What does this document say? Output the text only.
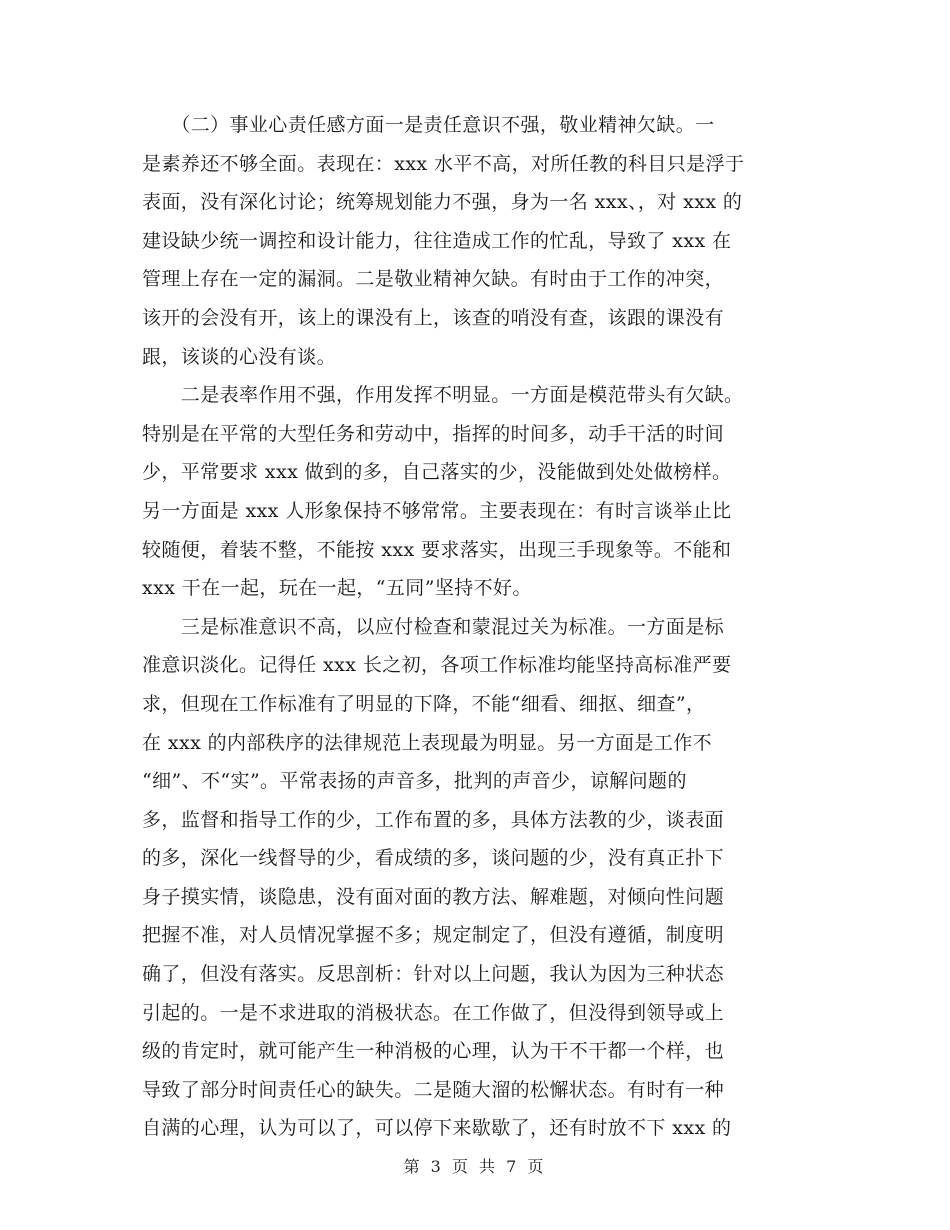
　　（二）事业心责任感方面一是责任意识不强，敬业精神欠缺。一
是素养还不够全面。表现在：xxx 水平不高，对所任教的科目只是浮于
表面，没有深化讨论；统筹规划能力不强，身为一名 xxx、，对 xxx 的
建设缺少统一调控和设计能力，往往造成工作的忙乱，导致了 xxx 在
管理上存在一定的漏洞。二是敬业精神欠缺。有时由于工作的冲突，
该开的会没有开，该上的课没有上，该查的哨没有查，该跟的课没有
跟，该谈的心没有谈。
　　二是表率作用不强，作用发挥不明显。一方面是模范带头有欠缺。
特别是在平常的大型任务和劳动中，指挥的时间多，动手干活的时间
少，平常要求 xxx 做到的多，自己落实的少，没能做到处处做榜样。
另一方面是 xxx 人形象保持不够常常。主要表现在：有时言谈举止比
较随便，着装不整，不能按 xxx 要求落实，出现三手现象等。不能和
xxx 干在一起，玩在一起，“五同”坚持不好。
　　三是标准意识不高，以应付检查和蒙混过关为标准。一方面是标
准意识淡化。记得任 xxx 长之初，各项工作标准均能坚持高标准严要
求，但现在工作标准有了明显的下降，不能“细看、细抠、细查”，
在 xxx 的内部秩序的法律规范上表现最为明显。另一方面是工作不
“细”、不“实”。平常表扬的声音多，批判的声音少，谅解问题的
多，监督和指导工作的少，工作布置的多，具体方法教的少，谈表面
的多，深化一线督导的少，看成绩的多，谈问题的少，没有真正扑下
身子摸实情，谈隐患，没有面对面的教方法、解难题，对倾向性问题
把握不准，对人员情况掌握不多；规定制定了，但没有遵循，制度明
确了，但没有落实。反思剖析：针对以上问题，我认为因为三种状态
引起的。一是不求进取的消极状态。在工作做了，但没得到领导或上
级的肯定时，就可能产生一种消极的心理，认为干不干都一个样，也
导致了部分时间责任心的缺失。二是随大溜的松懈状态。有时有一种
自满的心理，认为可以了，可以停下来歇歇了，还有时放不下 xxx 的
第 3 页 共 7 页
